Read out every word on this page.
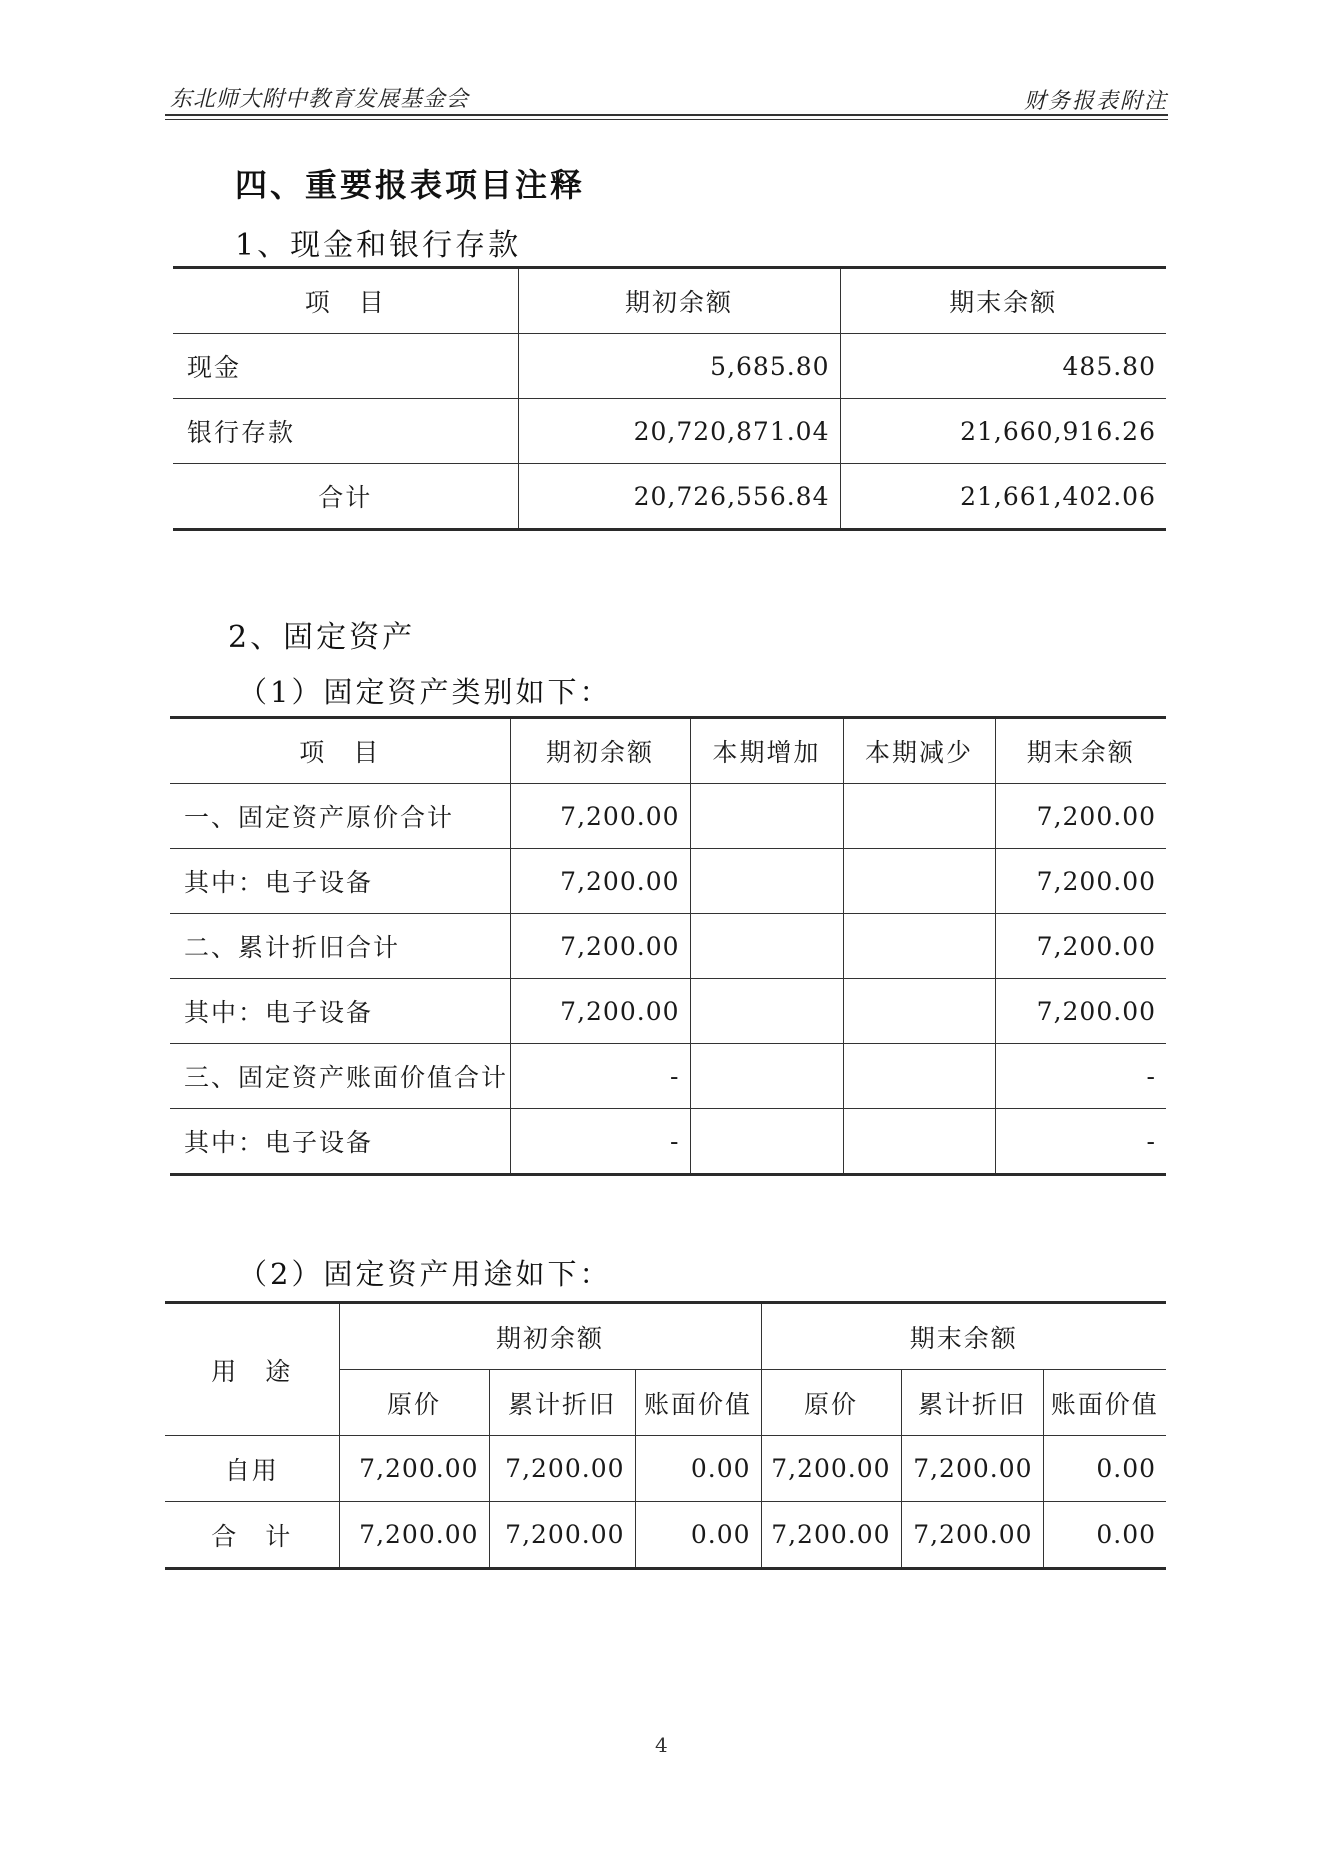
东北师大附中教育发展基金会	财务报表附注
四、重要报表项目注释
1、现金和银行存款
项　目	期初余额	期末余额
现金	5,685.80	485.80
银行存款	20,720,871.04	21,660,916.26
合计	20,726,556.84	21,661,402.06
2、固定资产
（1）固定资产类别如下：
项　目	期初余额	本期增加	本期减少	期末余额
一、固定资产原价合计	7,200.00			7,200.00
其中：电子设备	7,200.00			7,200.00
二、累计折旧合计	7,200.00			7,200.00
其中：电子设备	7,200.00			7,200.00
三、固定资产账面价值合计	-			-
其中：电子设备	-			-
（2）固定资产用途如下：
用　途	期初余额			期末余额		
	原价	累计折旧	账面价值	原价	累计折旧	账面价值
自用	7,200.00	7,200.00	0.00	7,200.00	7,200.00	0.00
合　计	7,200.00	7,200.00	0.00	7,200.00	7,200.00	0.00
4
